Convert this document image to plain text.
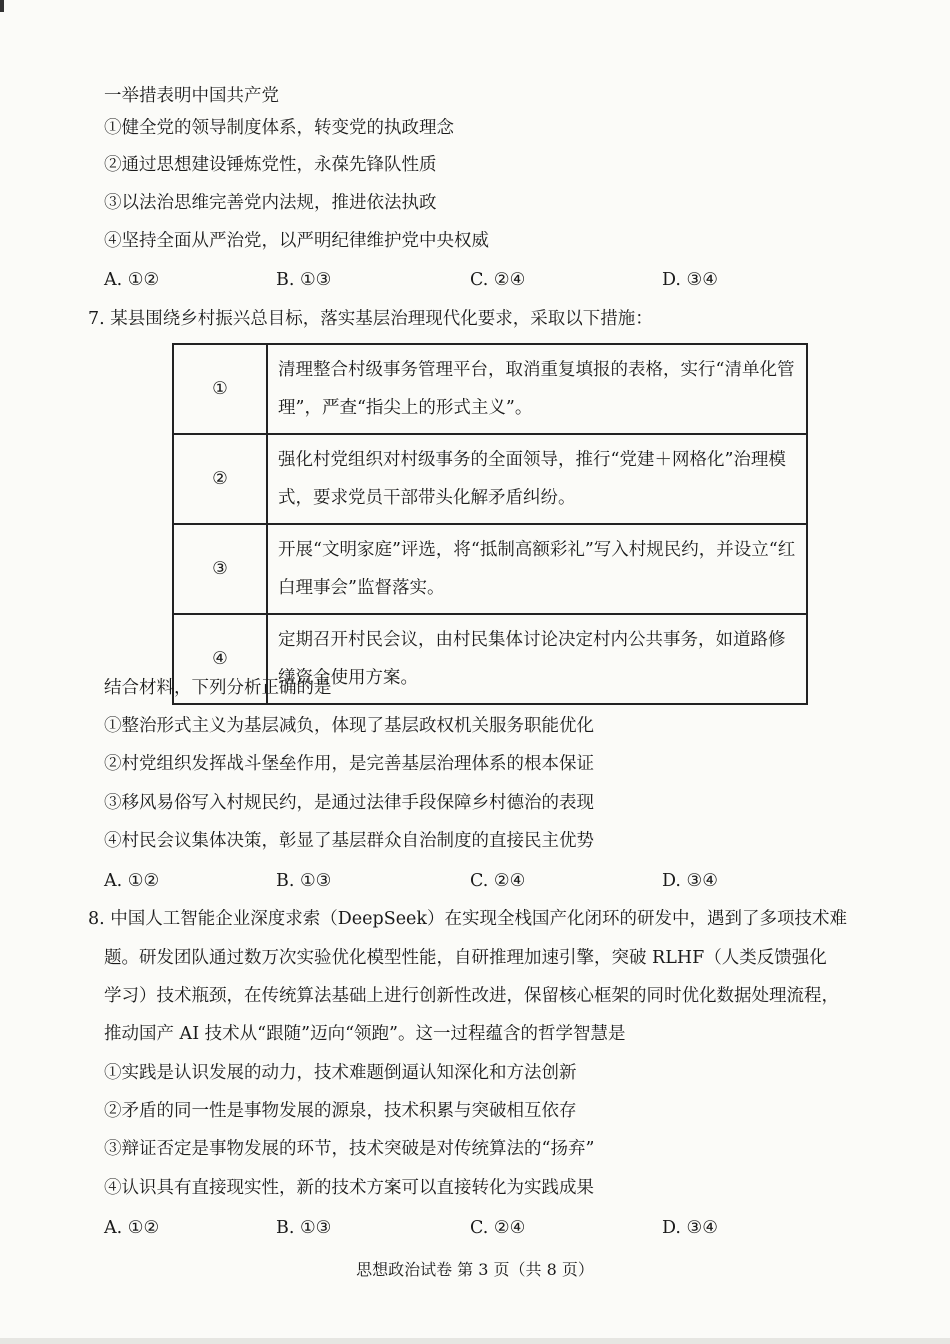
一举措表明中国共产党
①健全党的领导制度体系，转变党的执政理念
②通过思想建设锤炼党性，永葆先锋队性质
③以法治思维完善党内法规，推进依法执政
④坚持全面从严治党，以严明纪律维护党中央权威
A. ①②	B. ①③	C. ②④	D. ③④
7. 某县围绕乡村振兴总目标，落实基层治理现代化要求，采取以下措施：
①	清理整合村级事务管理平台，取消重复填报的表格，实行“清单化管理”，严查“指尖上的形式主义”。
②	强化村党组织对村级事务的全面领导，推行“党建＋网格化”治理模式，要求党员干部带头化解矛盾纠纷。
③	开展“文明家庭”评选，将“抵制高额彩礼”写入村规民约，并设立“红白理事会”监督落实。
④	定期召开村民会议，由村民集体讨论决定村内公共事务，如道路修缮资金使用方案。
结合材料，下列分析正确的是
①整治形式主义为基层减负，体现了基层政权机关服务职能优化
②村党组织发挥战斗堡垒作用，是完善基层治理体系的根本保证
③移风易俗写入村规民约，是通过法律手段保障乡村德治的表现
④村民会议集体决策，彰显了基层群众自治制度的直接民主优势
A. ①②	B. ①③	C. ②④	D. ③④
8. 中国人工智能企业深度求索（DeepSeek）在实现全栈国产化闭环的研发中，遇到了多项技术难
题。研发团队通过数万次实验优化模型性能，自研推理加速引擎，突破 RLHF（人类反馈强化
学习）技术瓶颈，在传统算法基础上进行创新性改进，保留核心框架的同时优化数据处理流程，
推动国产 AI 技术从“跟随”迈向“领跑”。这一过程蕴含的哲学智慧是
①实践是认识发展的动力，技术难题倒逼认知深化和方法创新
②矛盾的同一性是事物发展的源泉，技术积累与突破相互依存
③辩证否定是事物发展的环节，技术突破是对传统算法的“扬弃”
④认识具有直接现实性，新的技术方案可以直接转化为实践成果
A. ①②	B. ①③	C. ②④	D. ③④
思想政治试卷 第 3 页（共 8 页）
